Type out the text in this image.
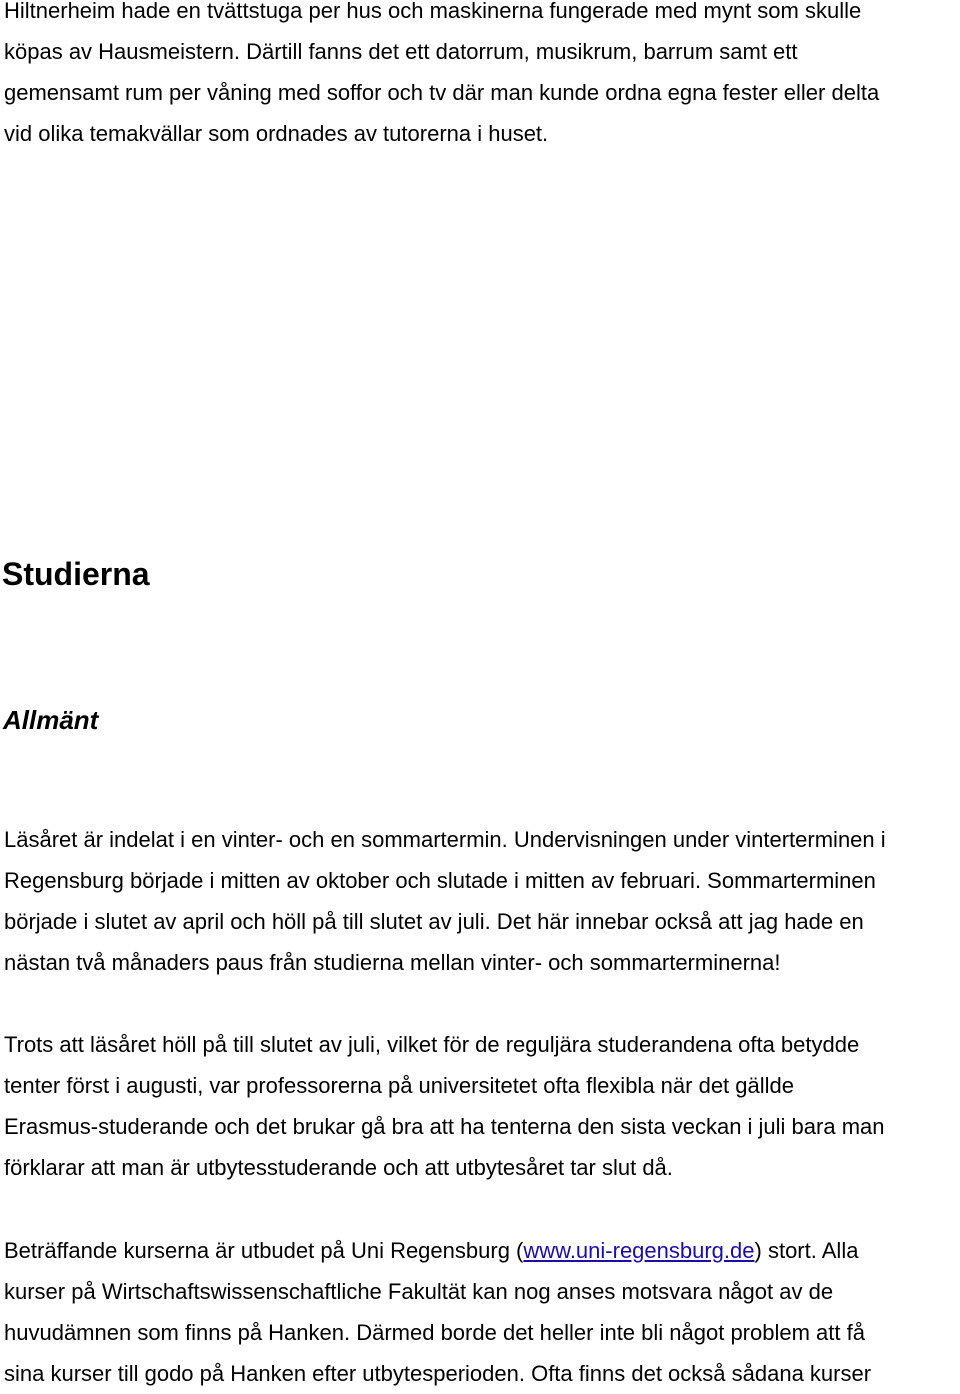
Hiltnerheim hade en tvättstuga per hus och maskinerna fungerade med mynt som skulle
köpas av Hausmeistern. Därtill fanns det ett datorrum, musikrum, barrum samt ett
gemensamt rum per våning med soffor och tv där man kunde ordna egna fester eller delta
vid olika temakvällar som ordnades av tutorerna i huset.
Studierna
Allmänt
Läsåret är indelat i en vinter- och en sommartermin. Undervisningen under vinterterminen i
Regensburg började i mitten av oktober och slutade i mitten av februari. Sommarterminen
började i slutet av april och höll på till slutet av juli. Det här innebar också att jag hade en
nästan två månaders paus från studierna mellan vinter- och sommarterminerna!
Trots att läsåret höll på till slutet av juli, vilket för de reguljära studerandena ofta betydde
tenter först i augusti, var professorerna på universitetet ofta flexibla när det gällde
Erasmus-studerande och det brukar gå bra att ha tenterna den sista veckan i juli bara man
förklarar att man är utbytesstuderande och att utbytesåret tar slut då.
Beträffande kurserna är utbudet på Uni Regensburg (www.uni-regensburg.de) stort. Alla
kurser på Wirtschaftswissenschaftliche Fakultät kan nog anses motsvara något av de
huvudämnen som finns på Hanken. Därmed borde det heller inte bli något problem att få
sina kurser till godo på Hanken efter utbytesperioden. Ofta finns det också sådana kurser
